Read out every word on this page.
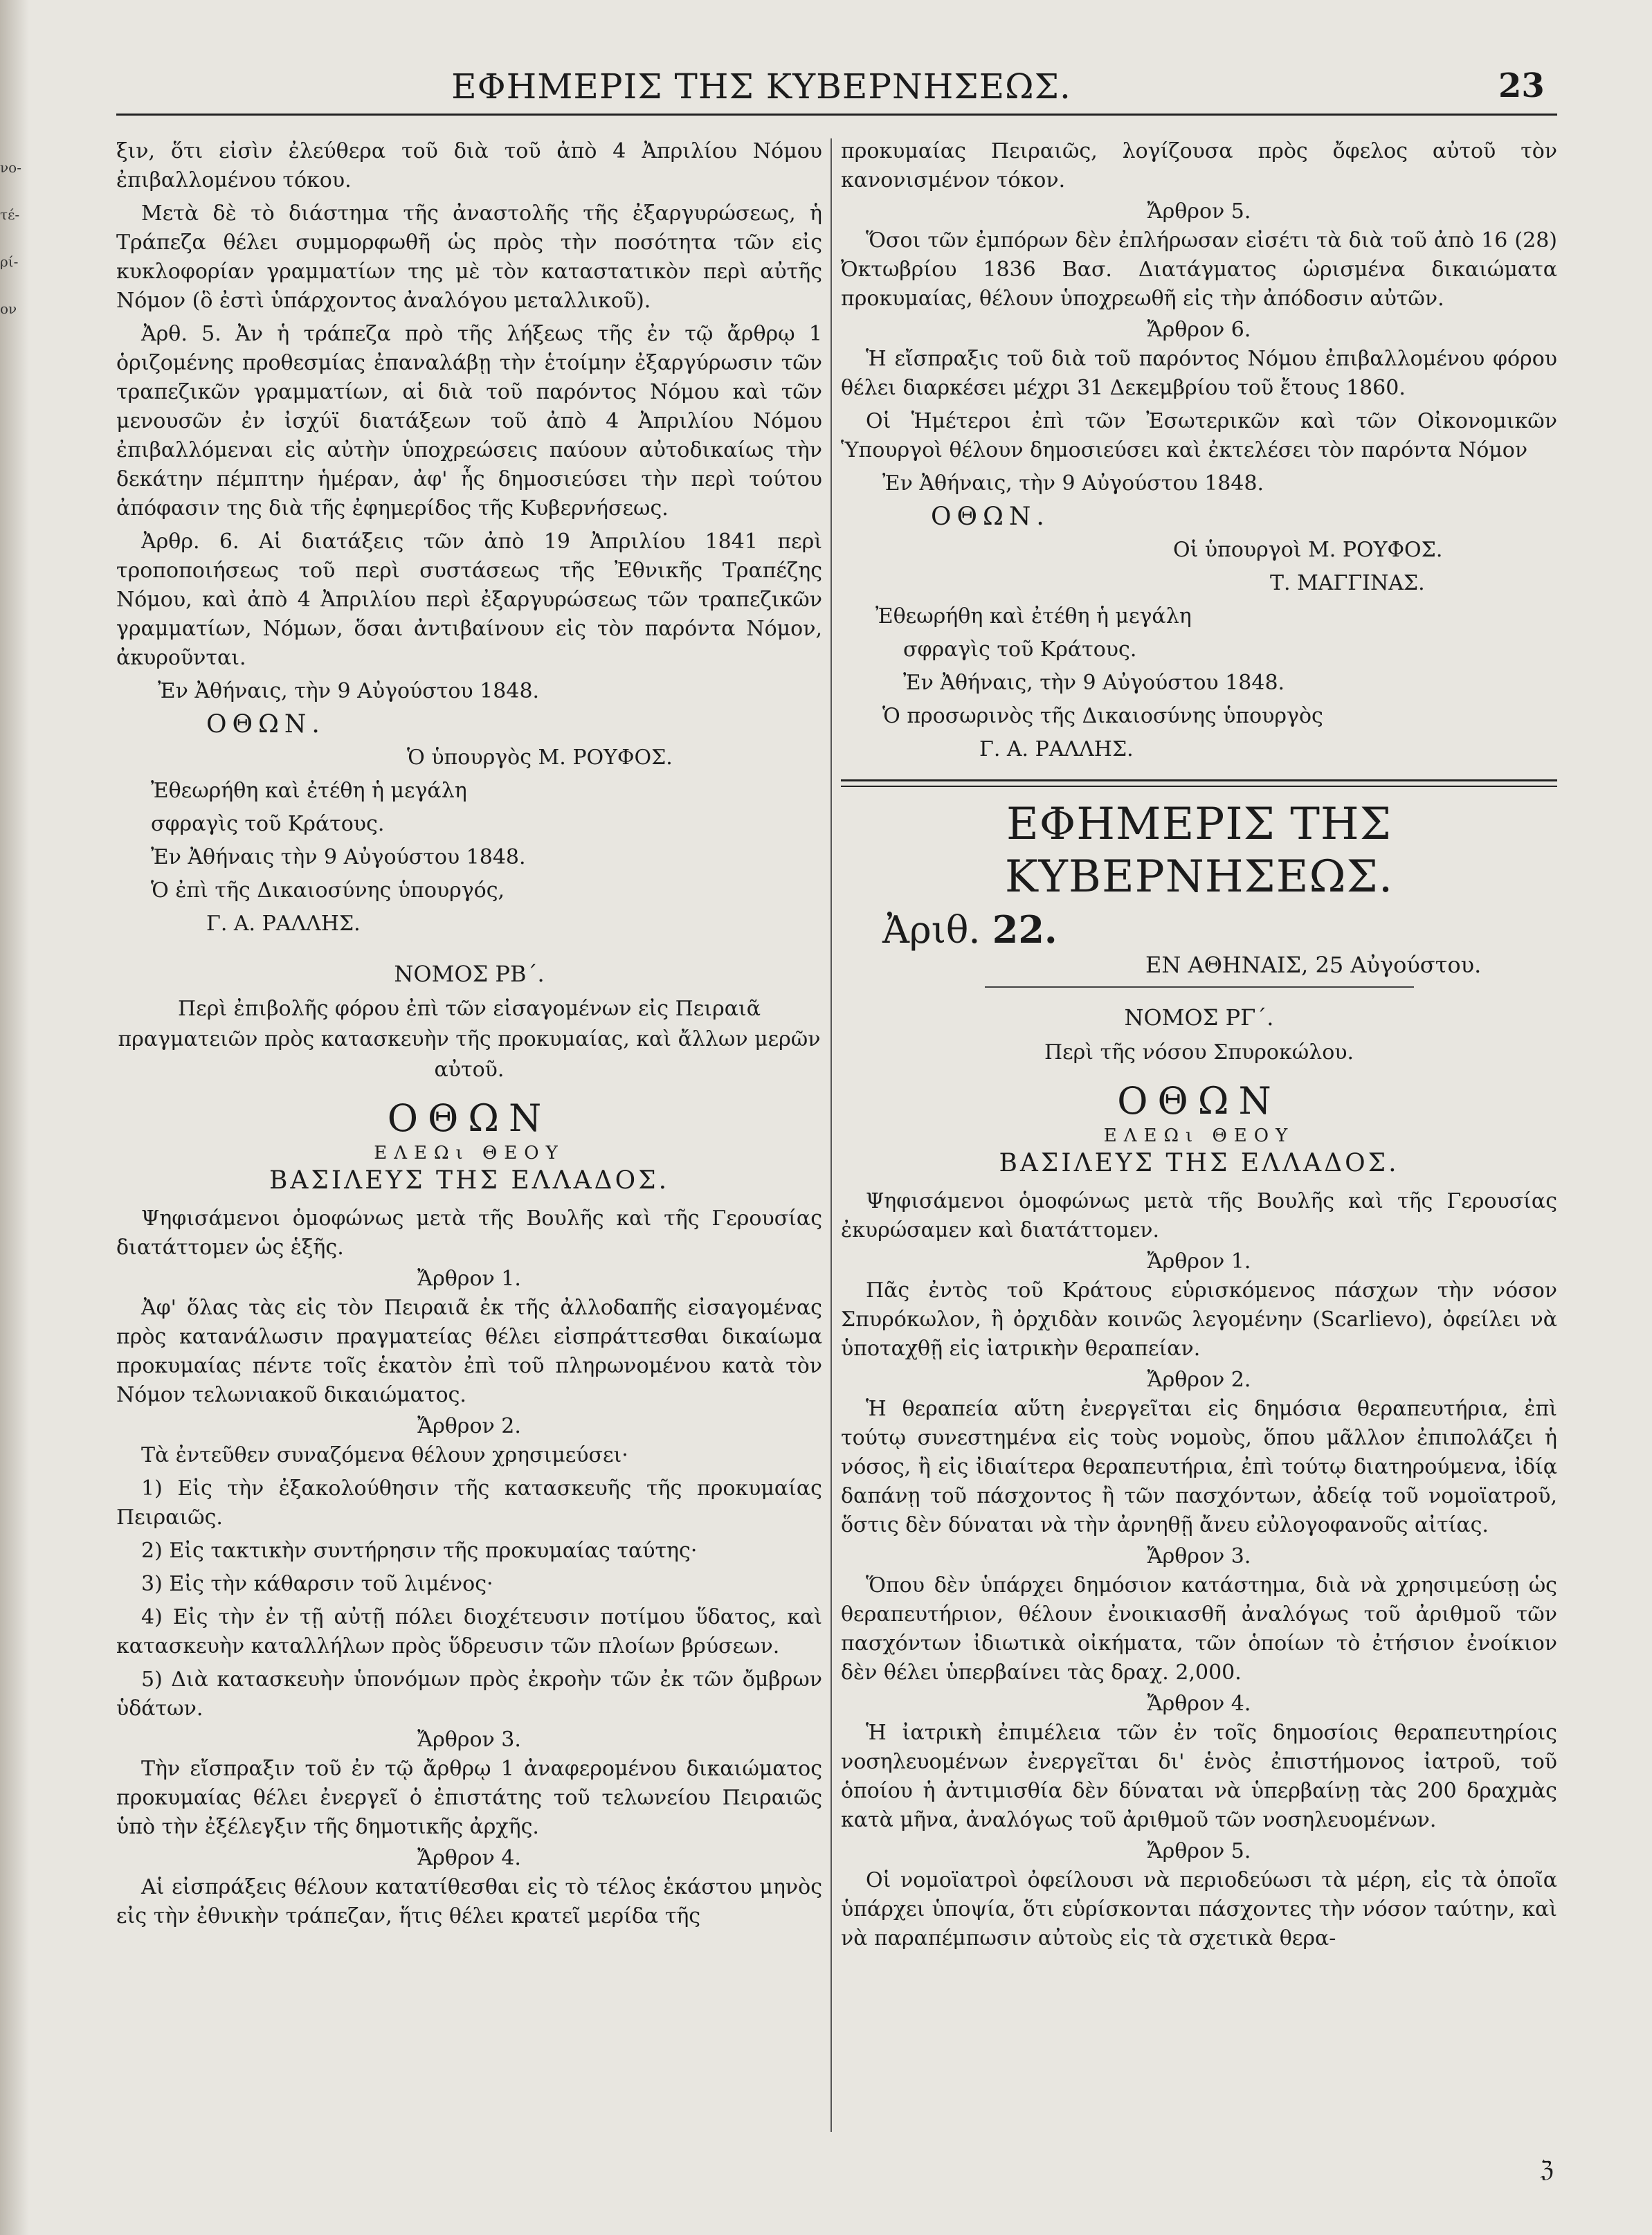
νο-
τέ-
ρί-
ον
ΕΦΗΜΕΡΙΣ ΤΗΣ ΚΥΒΕΡΝΗΣΕΩΣ.	23

ξιν, ὅτι εἰσὶν ἐλεύθερα τοῦ διὰ τοῦ ἀπὸ 4 Ἀπριλίου Νόμου ἐπιβαλλομένου τόκου.

Μετὰ δὲ τὸ διάστημα τῆς ἀναστολῆς τῆς ἐξαργυρώσεως, ἡ Τράπεζα θέλει συμμορφωθῆ ὡς πρὸς τὴν ποσότητα τῶν εἰς κυκλοφορίαν γραμματίων της μὲ τὸν καταστατικὸν περὶ αὐτῆς Νόμον (ὃ ἐστὶ ὑπάρχοντος ἀναλόγου μεταλλικοῦ).

Ἀρθ. 5. Ἀν ἡ τράπεζα πρὸ τῆς λήξεως τῆς ἐν τῷ ἄρθρῳ 1 ὁριζομένης προθεσμίας ἐπαναλάβῃ τὴν ἑτοίμην ἐξαργύρωσιν τῶν τραπεζικῶν γραμματίων, αἱ διὰ τοῦ παρόντος Νόμου καὶ τῶν μενουσῶν ἐν ἰσχύϊ διατάξεων τοῦ ἀπὸ 4 Ἀπριλίου Νόμου ἐπιβαλλόμεναι εἰς αὐτὴν ὑποχρεώσεις παύουν αὐτοδικαίως τὴν δεκάτην πέμπτην ἡμέραν, ἀφ' ἧς δημοσιεύσει τὴν περὶ τούτου ἀπόφασιν της διὰ τῆς ἐφημερίδος τῆς Κυβερνήσεως.

Ἀρθρ. 6. Αἱ διατάξεις τῶν ἀπὸ 19 Ἀπριλίου 1841 περὶ τροποποιήσεως τοῦ περὶ συστάσεως τῆς Ἐθνικῆς Τραπέζης Νόμου, καὶ ἀπὸ 4 Ἀπριλίου περὶ ἐξαργυρώσεως τῶν τραπεζικῶν γραμματίων, Νόμων, ὅσαι ἀντιβαίνουν εἰς τὸν παρόντα Νόμον, ἀκυροῦνται.

Ἐν Ἀθήναις, τὴν 9 Αὐγούστου 1848.

ΟΘΩΝ.

Ὁ ὑπουργὸς Μ. ΡΟΥΦΟΣ.

Ἐθεωρήθη καὶ ἐτέθη ἡ μεγάλη

σφραγὶς τοῦ Κράτους.

Ἐν Ἀθήναις τὴν 9 Αὐγούστου 1848.

Ὁ ἐπὶ τῆς Δικαιοσύνης ὑπουργός,

Γ. Α. ΡΑΛΛΗΣ.

ΝΟΜΟΣ ΡΒ΄.
Περὶ ἐπιβολῆς φόρου ἐπὶ τῶν εἰσαγομένων εἰς Πειραιᾶ πραγματειῶν πρὸς κατασκευὴν τῆς προκυμαίας, καὶ ἄλλων μερῶν αὐτοῦ.
ΟΘΩΝ
ΕΛΕΩι ΘΕΟΥ
ΒΑΣΙΛΕΥΣ ΤΗΣ ΕΛΛΑΔΟΣ.

Ψηφισάμενοι ὁμοφώνως μετὰ τῆς Βουλῆς καὶ τῆς Γερουσίας διατάττομεν ὡς ἑξῆς.

Ἄρθρον 1.

Ἀφ' ὅλας τὰς εἰς τὸν Πειραιᾶ ἐκ τῆς ἀλλοδαπῆς εἰσαγομένας πρὸς κατανάλωσιν πραγματείας θέλει εἰσπράττεσθαι δικαίωμα προκυμαίας πέντε τοῖς ἑκατὸν ἐπὶ τοῦ πληρωνομένου κατὰ τὸν Νόμον τελωνιακοῦ δικαιώματος.

Ἄρθρον 2.

Τὰ ἐντεῦθεν συναζόμενα θέλουν χρησιμεύσει·

1) Εἰς τὴν ἐξακολούθησιν τῆς κατασκευῆς τῆς προκυμαίας Πειραιῶς.

2) Εἰς τακτικὴν συντήρησιν τῆς προκυμαίας ταύτης·

3) Εἰς τὴν κάθαρσιν τοῦ λιμένος·

4) Εἰς τὴν ἐν τῇ αὐτῇ πόλει διοχέτευσιν ποτίμου ὕδατος, καὶ κατασκευὴν καταλλήλων πρὸς ὕδρευσιν τῶν πλοίων βρύσεων.

5) Διὰ κατασκευὴν ὑπονόμων πρὸς ἐκροὴν τῶν ἐκ τῶν ὄμβρων ὑδάτων.

Ἄρθρον 3.

Τὴν εἴσπραξιν τοῦ ἐν τῷ ἄρθρῳ 1 ἀναφερομένου δικαιώματος προκυμαίας θέλει ἐνεργεῖ ὁ ἐπιστάτης τοῦ τελωνείου Πειραιῶς ὑπὸ τὴν ἐξέλεγξιν τῆς δημοτικῆς ἀρχῆς.

Ἄρθρον 4.

Αἱ εἰσπράξεις θέλουν κατατίθεσθαι εἰς τὸ τέλος ἑκάστου μηνὸς εἰς τὴν ἐθνικὴν τράπεζαν, ἥτις θέλει κρατεῖ μερίδα τῆς

προκυμαίας Πειραιῶς, λογίζουσα πρὸς ὄφελος αὐτοῦ τὸν κανονισμένον τόκον.

Ἄρθρον 5.

Ὅσοι τῶν ἐμπόρων δὲν ἐπλήρωσαν εἰσέτι τὰ διὰ τοῦ ἀπὸ 16 (28) Ὀκτωβρίου 1836 Βασ. Διατάγματος ὡρισμένα δικαιώματα προκυμαίας, θέλουν ὑποχρεωθῆ εἰς τὴν ἀπόδοσιν αὐτῶν.

Ἄρθρον 6.

Ἡ εἴσπραξις τοῦ διὰ τοῦ παρόντος Νόμου ἐπιβαλλομένου φόρου θέλει διαρκέσει μέχρι 31 Δεκεμβρίου τοῦ ἔτους 1860.

Οἱ Ἡμέτεροι ἐπὶ τῶν Ἐσωτερικῶν καὶ τῶν Οἰκονομικῶν Ὑπουργοὶ θέλουν δημοσιεύσει καὶ ἐκτελέσει τὸν παρόντα Νόμον

Ἐν Ἀθήναις, τὴν 9 Αὐγούστου 1848.

ΟΘΩΝ.

Οἱ ὑπουργοὶ Μ. ΡΟΥΦΟΣ.

Τ. ΜΑΓΓΙΝΑΣ.

Ἐθεωρήθη καὶ ἐτέθη ἡ μεγάλη

σφραγὶς τοῦ Κράτους.

Ἐν Ἀθήναις, τὴν 9 Αὐγούστου 1848.

Ὁ προσωρινὸς τῆς Δικαιοσύνης ὑπουργὸς

Γ. Α. ΡΑΛΛΗΣ.

ΕΦΗΜΕΡΙΣ ΤΗΣ ΚΥΒΕΡΝΗΣΕΩΣ.
Ἀριθ. 22.
ΕΝ ΑΘΗΝΑΙΣ, 25 Αὐγούστου.
ΝΟΜΟΣ ΡΓ΄.
Περὶ τῆς νόσου Σπυροκώλου.
ΟΘΩΝ
ΕΛΕΩι ΘΕΟΥ
ΒΑΣΙΛΕΥΣ ΤΗΣ ΕΛΛΑΔΟΣ.

Ψηφισάμενοι ὁμοφώνως μετὰ τῆς Βουλῆς καὶ τῆς Γερουσίας ἐκυρώσαμεν καὶ διατάττομεν.

Ἄρθρον 1.

Πᾶς ἐντὸς τοῦ Κράτους εὑρισκόμενος πάσχων τὴν νόσον Σπυρόκωλον, ἢ ὀρχιδὰν κοινῶς λεγομένην (Scarlievo), ὀφείλει νὰ ὑποταχθῇ εἰς ἰατρικὴν θεραπείαν.

Ἄρθρον 2.

Ἡ θεραπεία αὕτη ἐνεργεῖται εἰς δημόσια θεραπευτήρια, ἐπὶ τούτῳ συνεστημένα εἰς τοὺς νομοὺς, ὅπου μᾶλλον ἐπιπολάζει ἡ νόσος, ἢ εἰς ἰδιαίτερα θεραπευτήρια, ἐπὶ τούτῳ διατηρούμενα, ἰδίᾳ δαπάνῃ τοῦ πάσχοντος ἢ τῶν πασχόντων, ἀδείᾳ τοῦ νομοϊατροῦ, ὅστις δὲν δύναται νὰ τὴν ἀρνηθῇ ἄνευ εὐλογοφανοῦς αἰτίας.

Ἄρθρον 3.

Ὅπου δὲν ὑπάρχει δημόσιον κατάστημα, διὰ νὰ χρησιμεύσῃ ὡς θεραπευτήριον, θέλουν ἐνοικιασθῆ ἀναλόγως τοῦ ἀριθμοῦ τῶν πασχόντων ἰδιωτικὰ οἰκήματα, τῶν ὁποίων τὸ ἐτήσιον ἐνοίκιον δὲν θέλει ὑπερβαίνει τὰς δραχ. 2,000.

Ἄρθρον 4.

Ἡ ἰατρικὴ ἐπιμέλεια τῶν ἐν τοῖς δημοσίοις θεραπευτηρίοις νοσηλευομένων ἐνεργεῖται δι' ἑνὸς ἐπιστήμονος ἰατροῦ, τοῦ ὁποίου ἡ ἀντιμισθία δὲν δύναται νὰ ὑπερβαίνῃ τὰς 200 δραχμὰς κατὰ μῆνα, ἀναλόγως τοῦ ἀριθμοῦ τῶν νοσηλευομένων.

Ἄρθρον 5.

Οἱ νομοϊατροὶ ὀφείλουσι νὰ περιοδεύωσι τὰ μέρη, εἰς τὰ ὁποῖα ὑπάρχει ὑποψία, ὅτι εὑρίσκονται πάσχοντες τὴν νόσον ταύτην, καὶ νὰ παραπέμπωσιν αὐτοὺς εἰς τὰ σχετικὰ θερα-

ℨ
